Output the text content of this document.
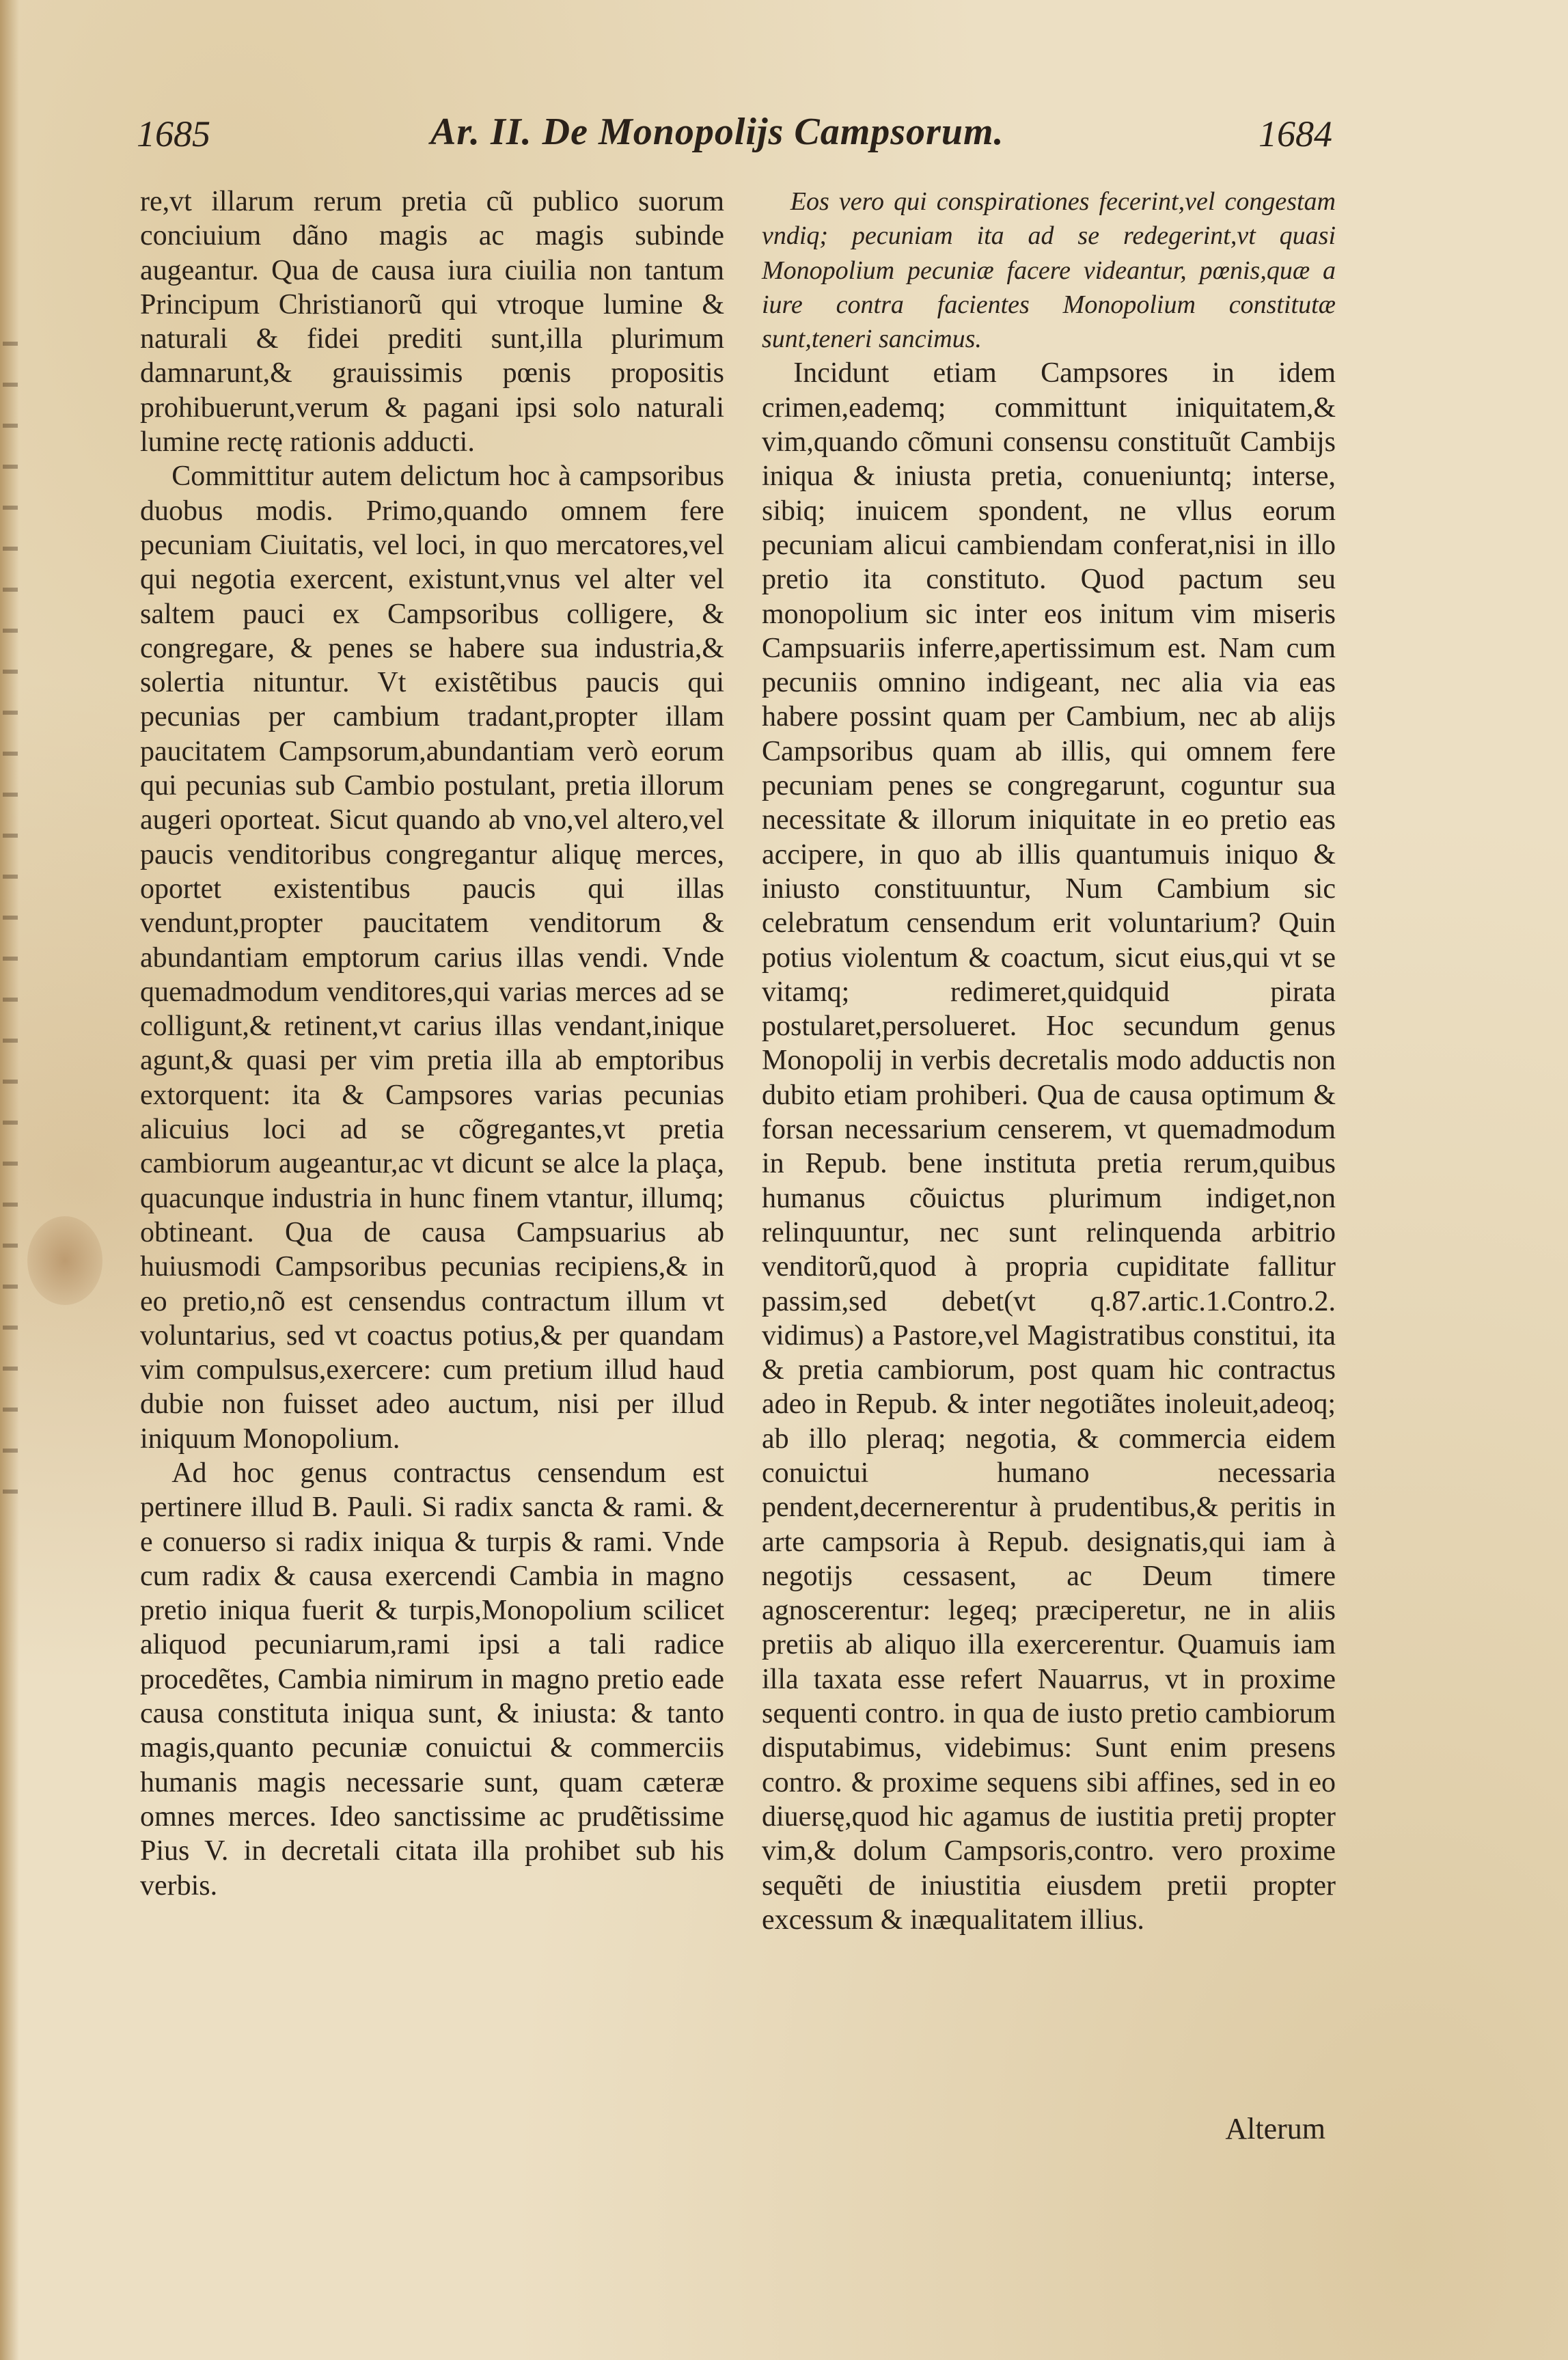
1685	Ar. II. De Monopolijs Campsorum.	1684

re,vt illarum rerum pretia cũ publico suorum conciuium dãno magis ac magis subinde augeantur. Qua de causa iura ciuilia non tantum Principum Christianorũ qui vtroque lumine & naturali & fidei prediti sunt,illa plurimum damnarunt,& grauissimis pœnis propositis prohibuerunt,verum & pagani ipsi solo naturali lumine rectę rationis adducti.

Committitur autem delictum hoc à campsoribus duobus modis. Primo,quando omnem fere pecuniam Ciuitatis, vel loci, in quo mercatores,vel qui negotia exercent, existunt,vnus vel alter vel saltem pauci ex Campsoribus colligere, & congregare, & penes se habere sua industria,& solertia nituntur. Vt existẽtibus paucis qui pecunias per cambium tradant,propter illam paucitatem Campsorum,abundantiam verò eorum qui pecunias sub Cambio postulant, pretia illorum augeri oporteat. Sicut quando ab vno,vel altero,vel paucis venditoribus congregantur aliquę merces, oportet existentibus paucis qui illas vendunt,propter paucitatem venditorum & abundantiam emptorum carius illas vendi. Vnde quemadmodum venditores,qui varias merces ad se colligunt,& retinent,vt carius illas vendant,inique agunt,& quasi per vim pretia illa ab emptoribus extorquent: ita & Campsores varias pecunias alicuius loci ad se cõgregantes,vt pretia cambiorum augeantur,ac vt dicunt se alce la plaça, quacunque industria in hunc finem vtantur, illumq; obtineant. Qua de causa Campsuarius ab huiusmodi Campsoribus pecunias recipiens,& in eo pretio,nõ est censendus contractum illum vt voluntarius, sed vt coactus potius,& per quandam vim compulsus,exercere: cum pretium illud haud dubie non fuisset adeo auctum, nisi per illud iniquum Monopolium.

Ad hoc genus contractus censendum est pertinere illud B. Pauli. Si radix sancta & rami. & e conuerso si radix iniqua & turpis & rami. Vnde cum radix & causa exercendi Cambia in magno pretio iniqua fuerit & turpis,Monopolium scilicet aliquod pecuniarum,rami ipsi a tali radice procedẽtes, Cambia nimirum in magno pretio eade causa constituta iniqua sunt, & iniusta: & tanto magis,quanto pecuniæ conuictui & commerciis humanis magis necessarie sunt, quam cæteræ omnes merces. Ideo sanctissime ac prudẽtissime Pius V. in decretali citata illa prohibet sub his verbis.

Eos vero qui conspirationes fecerint,vel congestam vndiq; pecuniam ita ad se redegerint,vt quasi Monopolium pecuniæ facere videantur, pœnis,quæ a iure contra facientes Monopolium constitutæ sunt,teneri sancimus.

Incidunt etiam Campsores in idem crimen,eademq; committunt iniquitatem,& vim,quando cõmuni consensu constituũt Cambijs iniqua & iniusta pretia, conueniuntq; interse, sibiq; inuicem spondent, ne vllus eorum pecuniam alicui cambiendam conferat,nisi in illo pretio ita constituto. Quod pactum seu monopolium sic inter eos initum vim miseris Campsuariis inferre,apertissimum est. Nam cum pecuniis omnino indigeant, nec alia via eas habere possint quam per Cambium, nec ab alijs Campsoribus quam ab illis, qui omnem fere pecuniam penes se congregarunt, coguntur sua necessitate & illorum iniquitate in eo pretio eas accipere, in quo ab illis quantumuis iniquo & iniusto constituuntur, Num Cambium sic celebratum censendum erit voluntarium? Quin potius violentum & coactum, sicut eius,qui vt se vitamq; redimeret,quidquid pirata postularet,persolueret. Hoc secundum genus Monopolij in verbis decretalis modo adductis non dubito etiam prohiberi. Qua de causa optimum & forsan necessarium censerem, vt quemadmodum in Repub. bene instituta pretia rerum,quibus humanus cõuictus plurimum indiget,non relinquuntur, nec sunt relinquenda arbitrio venditorũ,quod à propria cupiditate fallitur passim,sed debet(vt q.87.artic.1.Contro.2. vidimus) a Pastore,vel Magistratibus constitui, ita & pretia cambiorum, post quam hic contractus adeo in Repub. & inter negotiãtes inoleuit,adeoq; ab illo pleraq; negotia, & commercia eidem conuictui humano necessaria pendent,decernerentur à prudentibus,& peritis in arte campsoria à Repub. designatis,qui iam à negotijs cessasent, ac Deum timere agnoscerentur: legeq; præciperetur, ne in aliis pretiis ab aliquo illa exercerentur. Quamuis iam illa taxata esse refert Nauarrus, vt in proxime sequenti contro. in qua de iusto pretio cambiorum disputabimus, videbimus: Sunt enim presens contro. & proxime sequens sibi affines, sed in eo diuersę,quod hic agamus de iustitia pretij propter vim,& dolum Campsoris,contro. vero proxime sequẽti de iniustitia eiusdem pretii propter excessum & inæqualitatem illius.

Alterum
